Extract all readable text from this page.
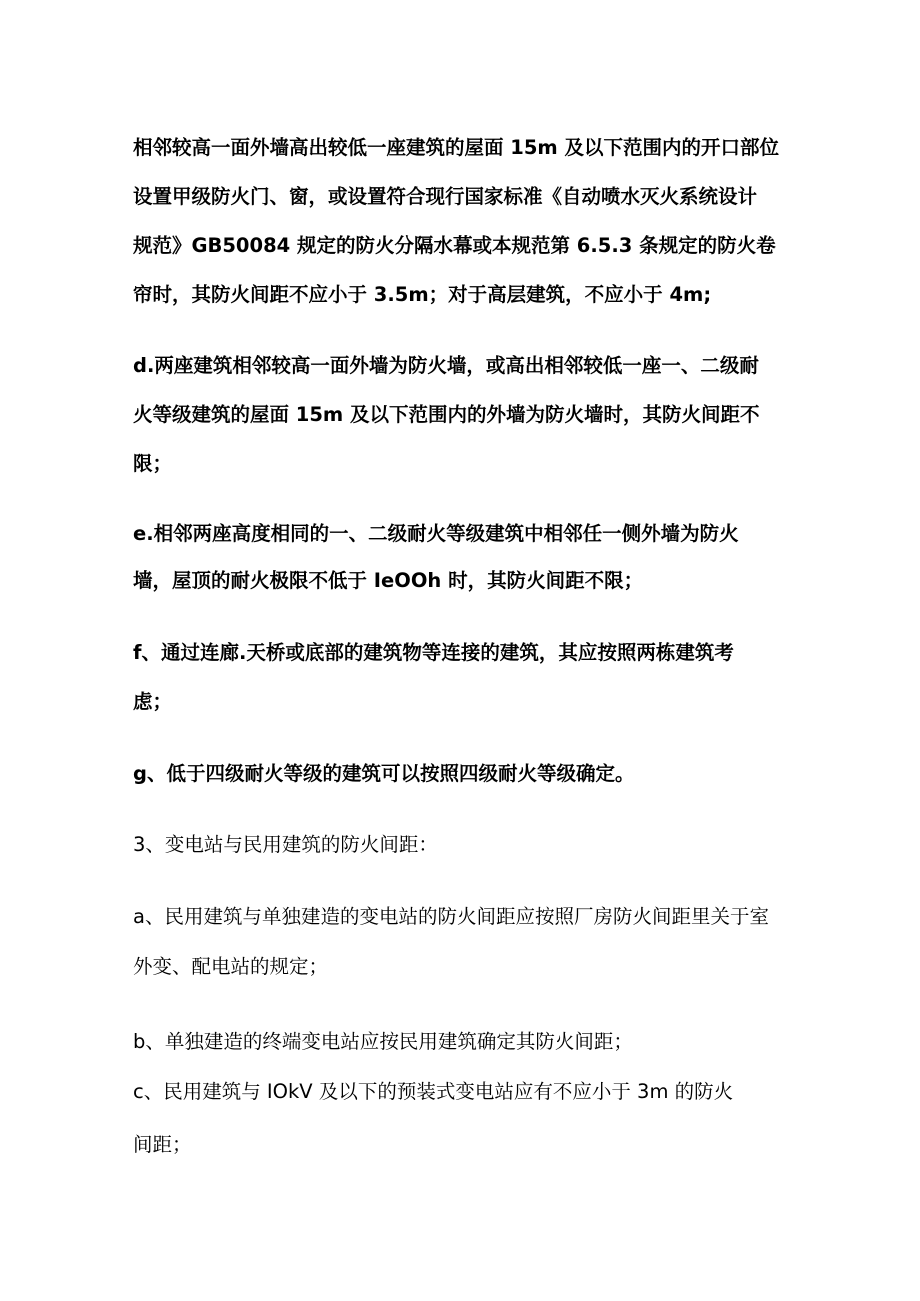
相邻较高一面外墙高出较低一座建筑的屋面 15m 及以下范围内的开口部位
设置甲级防火门、窗，或设置符合现行国家标准《自动喷水灭火系统设计
规范》GB50084 规定的防火分隔水幕或本规范第 6.5.3 条规定的防火卷
帘时，其防火间距不应小于 3.5m；对于高层建筑，不应小于 4m;
d.两座建筑相邻较高一面外墙为防火墙，或高出相邻较低一座一、二级耐
火等级建筑的屋面 15m 及以下范围内的外墙为防火墙时，其防火间距不
限；
e.相邻两座高度相同的一、二级耐火等级建筑中相邻任一侧外墙为防火
墙，屋顶的耐火极限不低于 IeOOh 时，其防火间距不限；
f、通过连廊.天桥或底部的建筑物等连接的建筑，其应按照两栋建筑考
虑；
g、低于四级耐火等级的建筑可以按照四级耐火等级确定。
3、变电站与民用建筑的防火间距：
a、民用建筑与单独建造的变电站的防火间距应按照厂房防火间距里关于室
外变、配电站的规定；
b、单独建造的终端变电站应按民用建筑确定其防火间距；
c、民用建筑与 IOkV 及以下的预装式变电站应有不应小于 3m 的防火
间距；
